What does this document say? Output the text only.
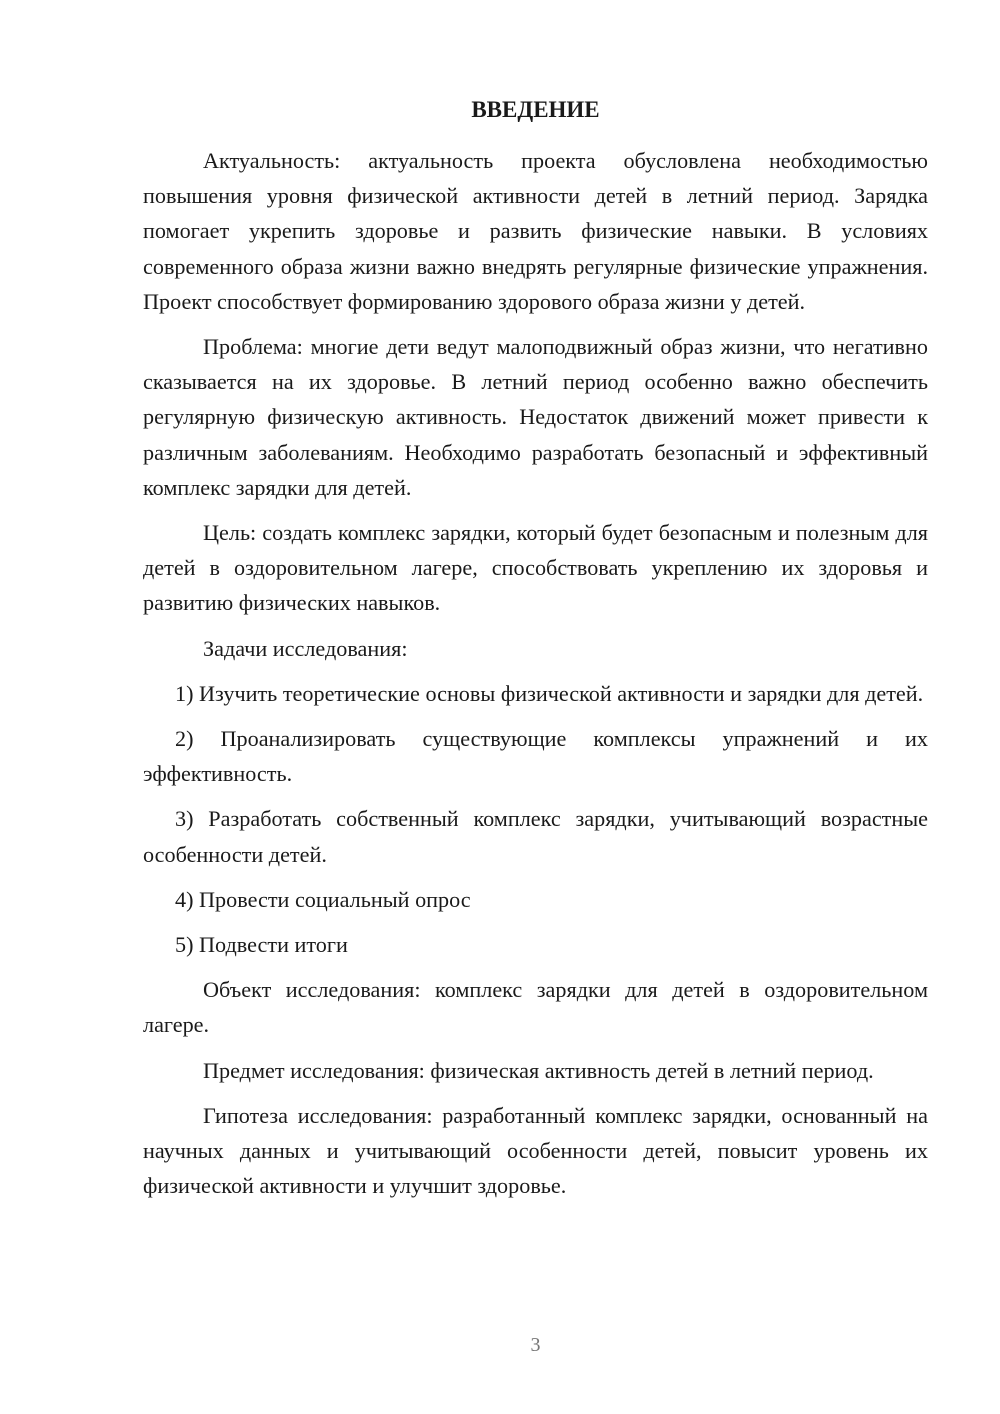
ВВЕДЕНИЕ

Актуальность: актуальность проекта обусловлена необходимостью повышения уровня физической активности детей в летний период. Зарядка помогает укрепить здоровье и развить физические навыки. В условиях современного образа жизни важно внедрять регулярные физические упражнения. Проект способствует формированию здорового образа жизни у детей.

Проблема: многие дети ведут малоподвижный образ жизни, что негативно сказывается на их здоровье. В летний период особенно важно обеспечить регулярную физическую активность. Недостаток движений может привести к различным заболеваниям. Необходимо разработать безопасный и эффективный комплекс зарядки для детей.

Цель: создать комплекс зарядки, который будет безопасным и полезным для детей в оздоровительном лагере, способствовать укреплению их здоровья и развитию физических навыков.

Задачи исследования:

1) Изучить теоретические основы физической активности и зарядки для детей.

2) Проанализировать существующие комплексы упражнений и их эффективность.

3) Разработать собственный комплекс зарядки, учитывающий возрастные особенности детей.

4) Провести социальный опрос

5) Подвести итоги

Объект исследования: комплекс зарядки для детей в оздоровительном лагере.

Предмет исследования: физическая активность детей в летний период.

Гипотеза исследования: разработанный комплекс зарядки, основанный на научных данных и учитывающий особенности детей, повысит уровень их физической активности и улучшит здоровье.

3
